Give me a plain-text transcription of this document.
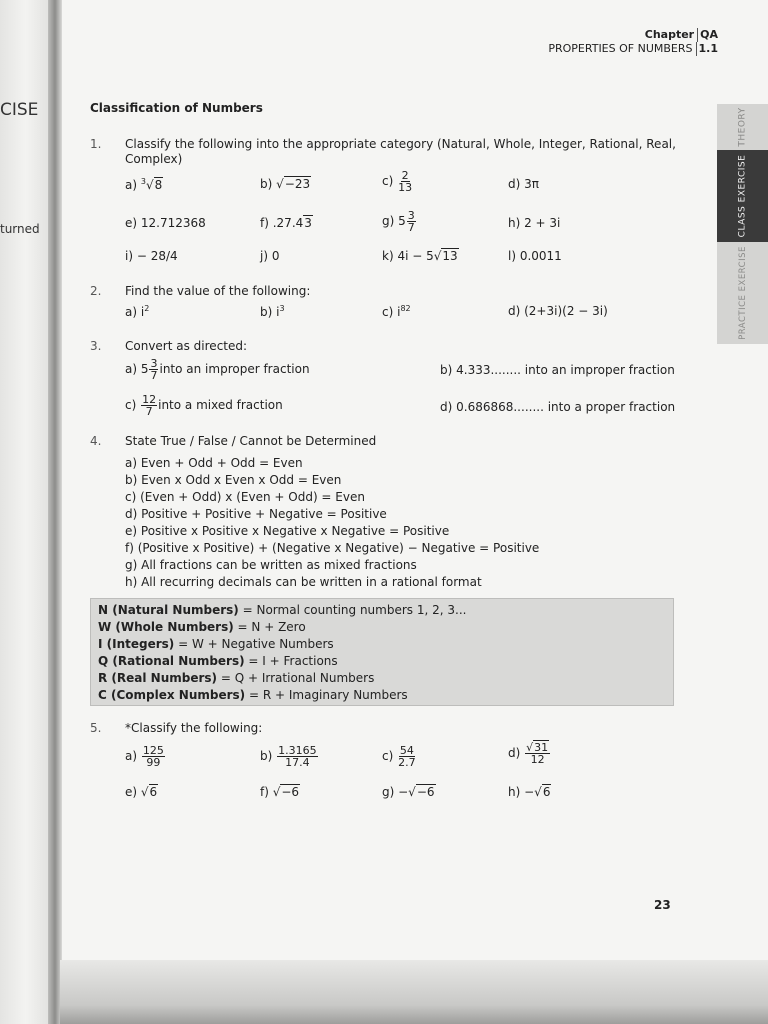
CISE
turned
Chapter QA
PROPERTIES OF NUMBERS 1.1
THEORY
CLASS EXERCISE
PRACTICE EXERCISE
Classification of Numbers
1. Classify the following into the appropriate category (Natural, Whole, Integer, Rational, Real,
Complex)
a) $^3$√8	b) √−23	$c) \frac{2}{13}$	d) 3π
e) 12.712368	f) .27.43	g) $5 \frac{3}{7}$	h) 2 + 3i
i) − 28/4	j) 0	k) 4i − 5√13	l) 0.0011
2. Find the value of the following:
a) $i^2$	b) $i^3$	c) $i^{82}$	d) (2+3i)(2 − 3i)
3. Convert as directed:
a) $5 \frac{3}{7}$ into an improper fraction	b) 4.333........ into an improper fraction
$c) \frac{12}{7}$ into a mixed fraction	d) 0.686868........ into a proper fraction
4. State True / False / Cannot be Determined
a) Even + Odd + Odd = Even
b) Even x Odd x Even x Odd = Even
c) (Even + Odd) x (Even + Odd) = Even
d) Positive + Positive + Negative = Positive
e) Positive x Positive x Negative x Negative = Positive
f) (Positive x Positive) + (Negative x Negative) − Negative = Positive
g) All fractions can be written as mixed fractions
h) All recurring decimals can be written in a rational format
N (Natural Numbers) = Normal counting numbers 1, 2, 3...
W (Whole Numbers) = N + Zero
I (Integers) = W + Negative Numbers
Q (Rational Numbers) = I + Fractions
R (Real Numbers) = Q + Irrational Numbers
C (Complex Numbers) = R + Imaginary Numbers
5. *Classify the following:
$a) \frac{125}{99}$	$b) \frac{1.3165}{17.4}$	$c) \frac{54}{2.7}$	$d) \frac{√31}{12}$
e) √6	f) √−6	g) −√−6	h) −√6
23
